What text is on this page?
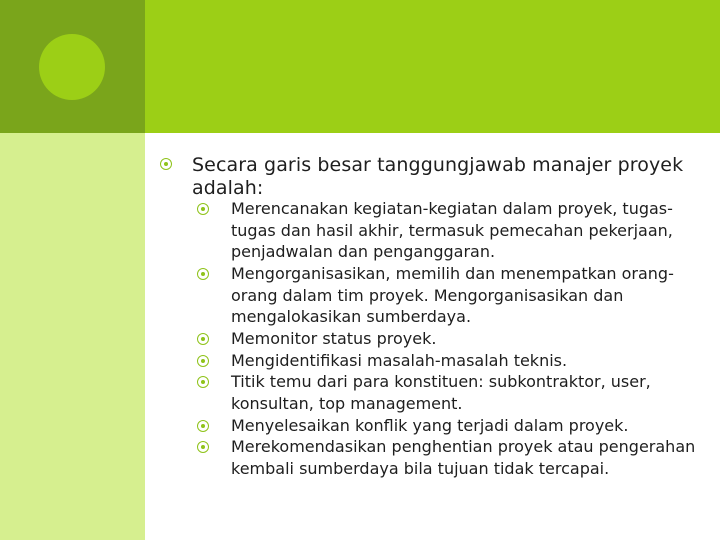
Secara garis besar tanggungjawab manajer proyek adalah:
Merencanakan kegiatan-kegiatan dalam proyek, tugas-tugas dan hasil akhir, termasuk pemecahan pekerjaan, penjadwalan dan penganggaran.
Mengorganisasikan, memilih dan menempatkan orang-orang dalam tim proyek. Mengorganisasikan dan mengalokasikan sumberdaya.
Memonitor status proyek.
Mengidentifikasi masalah-masalah teknis.
Titik temu dari para konstituen: subkontraktor, user, konsultan, top management.
Menyelesaikan konflik yang terjadi dalam proyek.
Merekomendasikan penghentian proyek atau pengerahan kembali sumberdaya bila tujuan tidak tercapai.
